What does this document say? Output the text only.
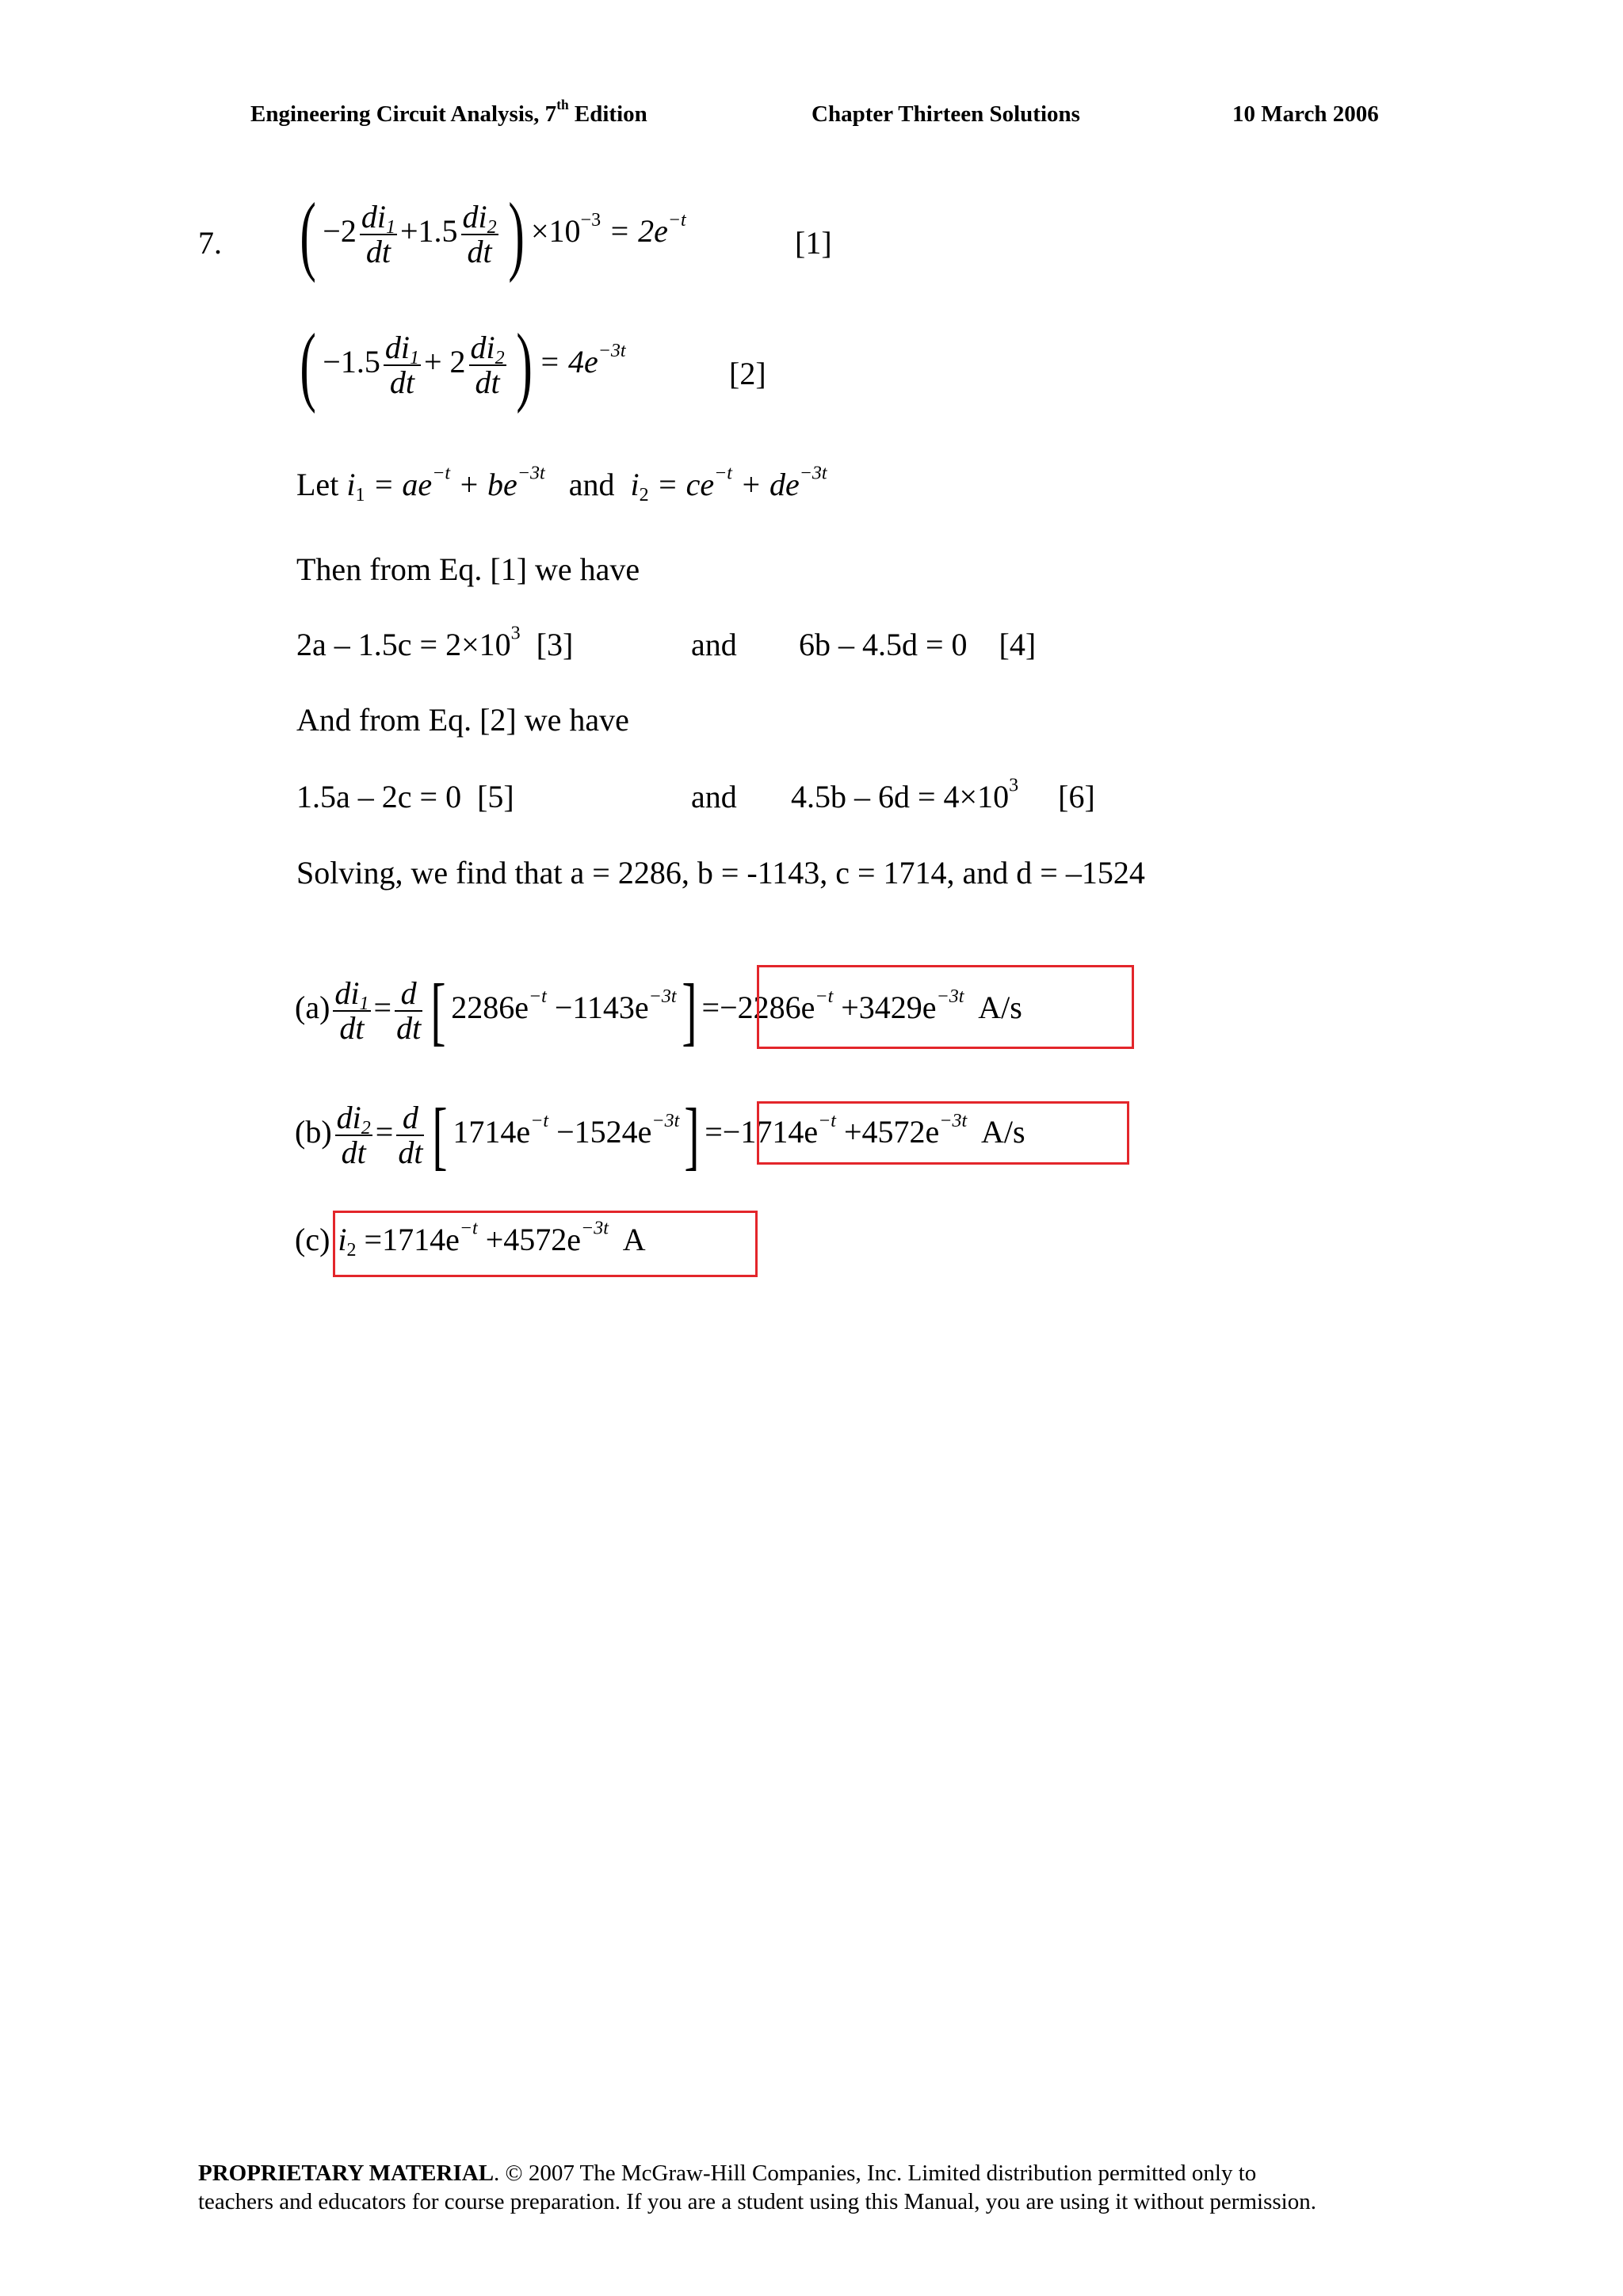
Engineering Circuit Analysis, 7th Edition	Chapter Thirteen Solutions	10 March 2006
7. ( $-2 \frac{di_1}{dt} +1.5 \frac{di_2}{dt}$ ) $\times 10^{-3} = 2e^{-t}$
[1]
( $-1.5 \frac{di_1}{dt} + 2 \frac{di_2}{dt}$ ) = $4e^{-3t}$
[2]
Let $i_1 = ae^{-t} + be^{-3t}$ and $i_2 = ce^{-t} + de^{-3t}$
Then from Eq. [1] we have
$2a - 1.5c = 2\times 10^3$ [3]	and 6b – 4.5d = 0    [4]
And from Eq. [2] we have
1.5a – 2c = 0  [5]	and $4.5b - 6d = 4\times 10^3$ [6]
Solving, we find that a = 2286, b = -1143, c = 1714, and d = –1524
$(a) \frac{di_1}{dt} = \frac{d}{dt}$ [ $2286e^{-t} -1143e^{-3t}] =-2286e^{-t} +3429e^{-3t}$ A/s
$(b) \frac{di_2}{dt} = \frac{d}{dt}$ [ $1714e^{-t} -1524e^{-3t}] =-1714e^{-t} +4572e^{-3t}$ A/s
(c) $i_2 =1714e^{-t} +4572e^{-3t}$ A
PROPRIETARY MATERIAL. © 2007 The McGraw-Hill Companies, Inc. Limited distribution permitted only to
teachers and educators for course preparation. If you are a student using this Manual, you are using it without permission.
